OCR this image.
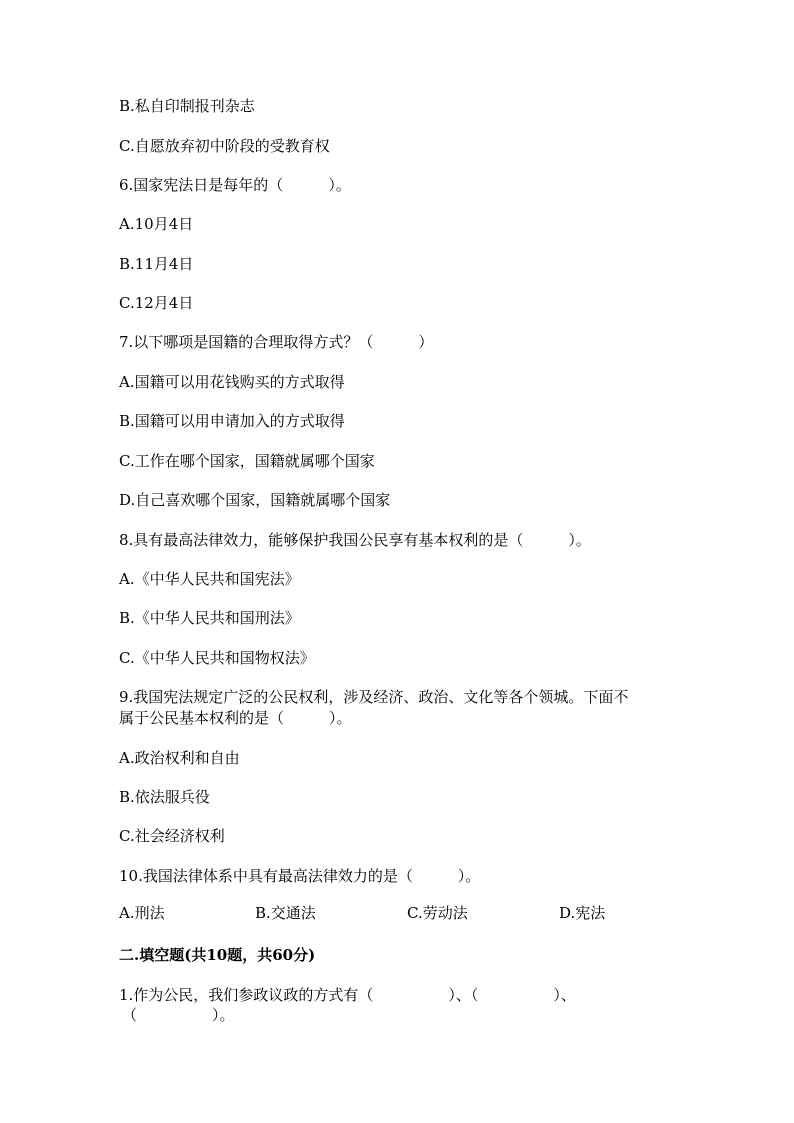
B.私自印制报刊杂志
C.自愿放弃初中阶段的受教育权
6.国家宪法日是每年的（　　　）。
A.10月4日
B.11月4日
C.12月4日
7.以下哪项是国籍的合理取得方式？（　　　）
A.国籍可以用花钱购买的方式取得
B.国籍可以用申请加入的方式取得
C.工作在哪个国家，国籍就属哪个国家
D.自己喜欢哪个国家，国籍就属哪个国家
8.具有最高法律效力，能够保护我国公民享有基本权利的是（　　　）。
A.《中华人民共和国宪法》
B.《中华人民共和国刑法》
C.《中华人民共和国物权法》
9.我国宪法规定广泛的公民权利，涉及经济、政治、文化等各个领城。下面不
属于公民基本权利的是（　　　）。
A.政治权利和自由
B.依法服兵役
C.社会经济权利
10.我国法律体系中具有最高法律效力的是（　　　）。
A.刑法	B.交通法	C.劳动法	D.宪法
二.填空题(共10题，共60分)
1.作为公民，我们参政议政的方式有（　　　　　）、（　　　　　）、
（　　　　　）。
